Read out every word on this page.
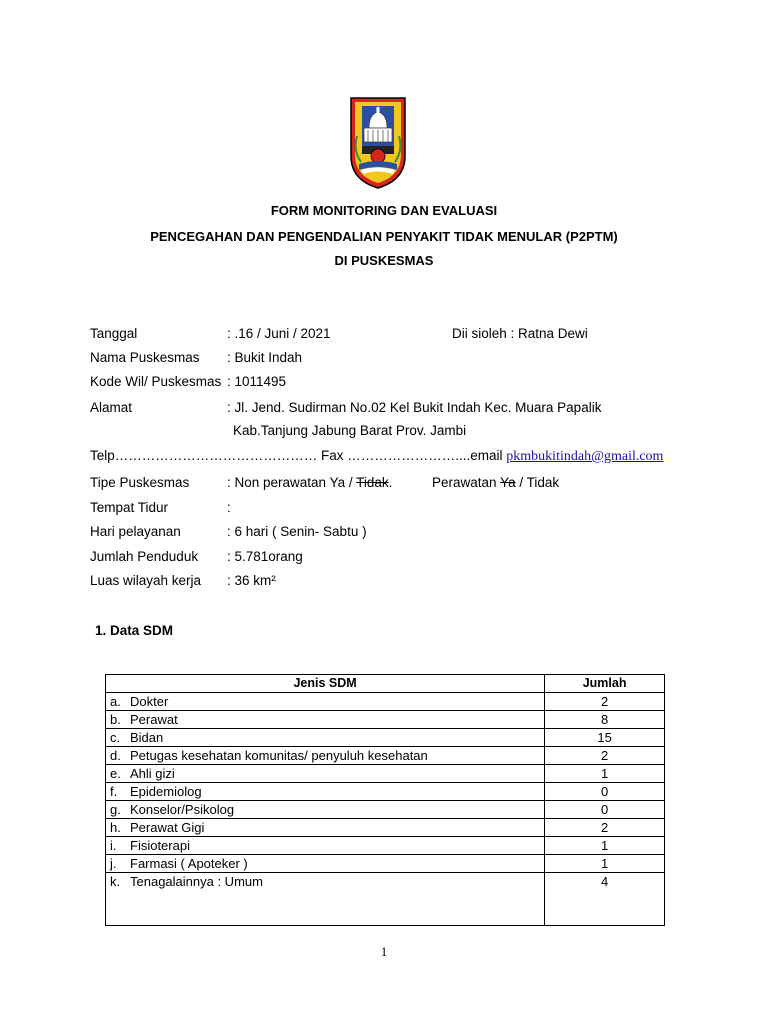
FORM MONITORING DAN EVALUASI
PENCEGAHAN DAN PENGENDALIAN PENYAKIT TIDAK MENULAR (P2PTM)
DI PUSKESMAS
Tanggal	: .16 / Juni / 2021	Dii sioleh : Ratna Dewi
Nama Puskesmas : Bukit Indah
Kode Wil/ Puskesmas : 1011495
Alamat	: Jl. Jend. Sudirman No.02 Kel Bukit Indah Kec. Muara Papalik
Kab.Tanjung Jabung Barat Prov. Jambi
Telp……………………………………… Fax ……………………....email pkmbukitindah@gmail.com
Tipe Puskesmas	: Non perawatan Ya / Tidak.	Perawatan Ya / Tidak
Tempat Tidur	:
Hari pelayanan	: 6 hari ( Senin- Sabtu )
Jumlah Penduduk : 5.781orang
Luas wilayah kerja : 36 km²
1. Data SDM
Jenis SDM	Jumlah
a. Dokter	2
b. Perawat	8
c. Bidan	15
d. Petugas kesehatan komunitas/ penyuluh kesehatan	2
e. Ahli gizi	1
f. Epidemiolog	0
g. Konselor/Psikolog	0
h. Perawat Gigi	2
i. Fisioterapi	1
j. Farmasi ( Apoteker )	1
k. Tenagalainnya : Umum	4
1
